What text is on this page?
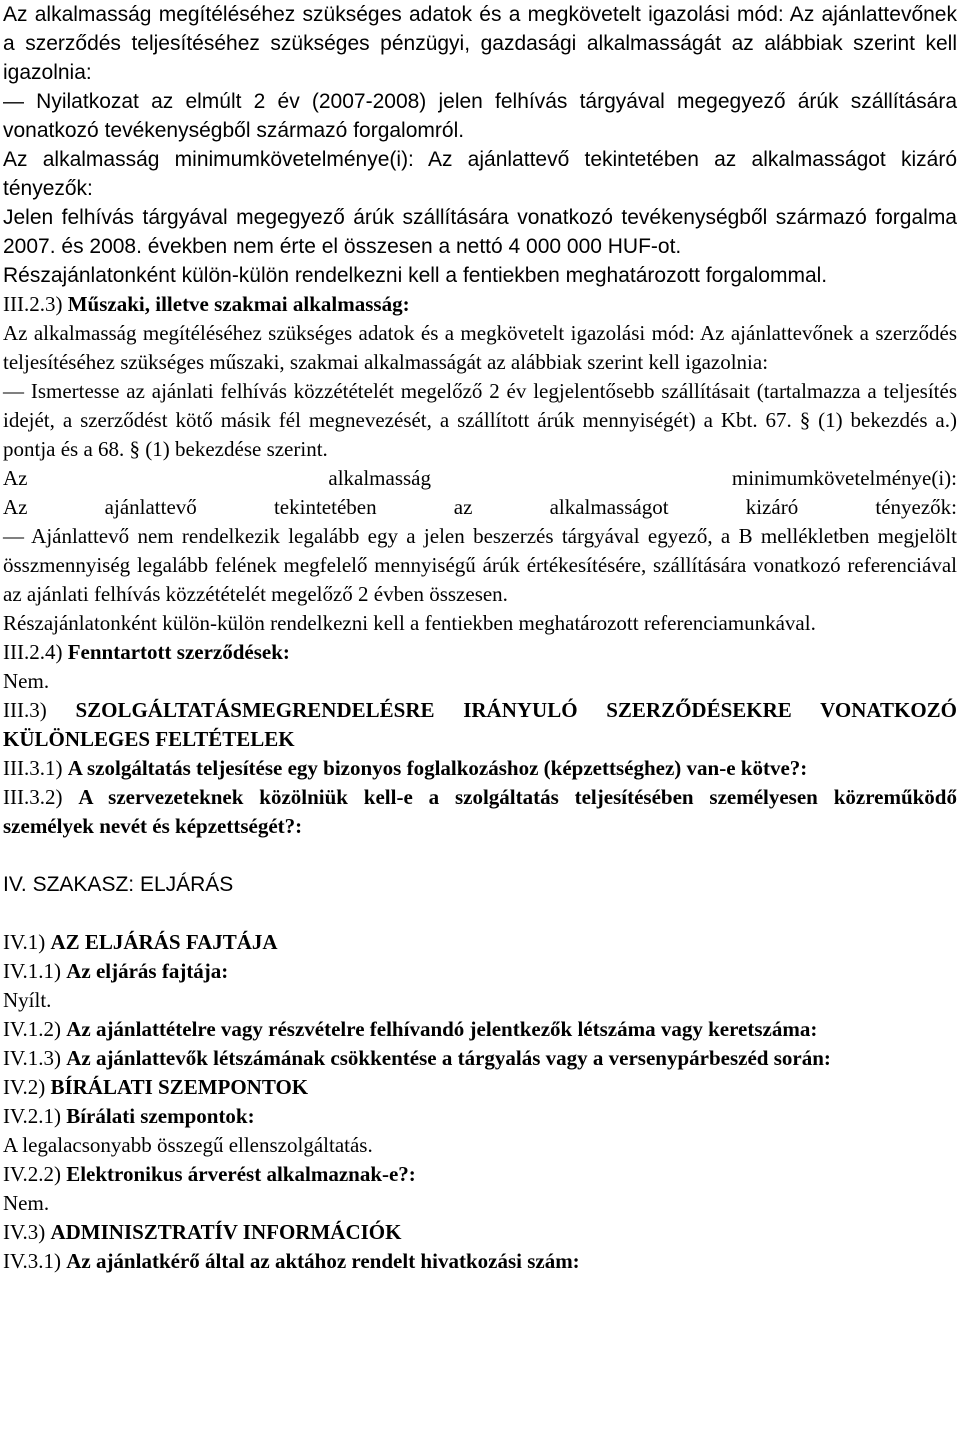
Az alkalmasság megítéléséhez szükséges adatok és a megkövetelt igazolási mód: Az ajánlattevőnek a szerződés teljesítéséhez szükséges pénzügyi, gazdasági alkalmasságát az alábbiak szerint kell igazolnia:

— Nyilatkozat az elmúlt 2 év (2007-2008) jelen felhívás tárgyával megegyező árúk szállítására vonatkozó tevékenységből származó forgalomról.

Az alkalmasság minimumkövetelménye(i): Az ajánlattevő tekintetében az alkalmasságot kizáró tényezők:

Jelen felhívás tárgyával megegyező árúk szállítására vonatkozó tevékenységből származó forgalma 2007. és 2008. években nem érte el összesen a nettó 4 000 000 HUF-ot.

Részajánlatonként külön-külön rendelkezni kell a fentiekben meghatározott forgalommal.

III.2.3) Műszaki, illetve szakmai alkalmasság:

Az alkalmasság megítéléséhez szükséges adatok és a megkövetelt igazolási mód: Az ajánlattevőnek a szerződés teljesítéséhez szükséges műszaki, szakmai alkalmasságát az alábbiak szerint kell igazolnia:

— Ismertesse az ajánlati felhívás közzétételét megelőző 2 év legjelentősebb szállításait (tartalmazza a teljesítés idejét, a szerződést kötő másik fél megnevezését, a szállított árúk mennyiségét) a Kbt. 67. § (1) bekezdés a.) pontja és a 68. § (1) bekezdése szerint.

Az alkalmasság minimumkövetelménye(i):

Az ajánlattevő tekintetében az alkalmasságot kizáró tényezők:

— Ajánlattevő nem rendelkezik legalább egy a jelen beszerzés tárgyával egyező, a B mellékletben megjelölt összmennyiség legalább felének megfelelő mennyiségű árúk értékesítésére, szállítására vonatkozó referenciával az ajánlati felhívás közzétételét megelőző 2 évben összesen.

Részajánlatonként külön-külön rendelkezni kell a fentiekben meghatározott referenciamunkával.

III.2.4) Fenntartott szerződések:

Nem.

III.3) SZOLGÁLTATÁSMEGRENDELÉSRE IRÁNYULÓ SZERZŐDÉSEKRE VONATKOZÓ KÜLÖNLEGES FELTÉTELEK

III.3.1) A szolgáltatás teljesítése egy bizonyos foglalkozáshoz (képzettséghez) van-e kötve?:

III.3.2) A szervezeteknek közölniük kell-e a szolgáltatás teljesítésében személyesen közreműködő személyek nevét és képzettségét?:

IV. SZAKASZ: ELJÁRÁS

IV.1) AZ ELJÁRÁS FAJTÁJA

IV.1.1) Az eljárás fajtája:

Nyílt.

IV.1.2) Az ajánlattételre vagy részvételre felhívandó jelentkezők létszáma vagy keretszáma:

IV.1.3) Az ajánlattevők létszámának csökkentése a tárgyalás vagy a versenypárbeszéd során:

IV.2) BÍRÁLATI SZEMPONTOK

IV.2.1) Bírálati szempontok:

A legalacsonyabb összegű ellenszolgáltatás.

IV.2.2) Elektronikus árverést alkalmaznak-e?:

Nem.

IV.3) ADMINISZTRATÍV INFORMÁCIÓK

IV.3.1) Az ajánlatkérő által az aktához rendelt hivatkozási szám:
